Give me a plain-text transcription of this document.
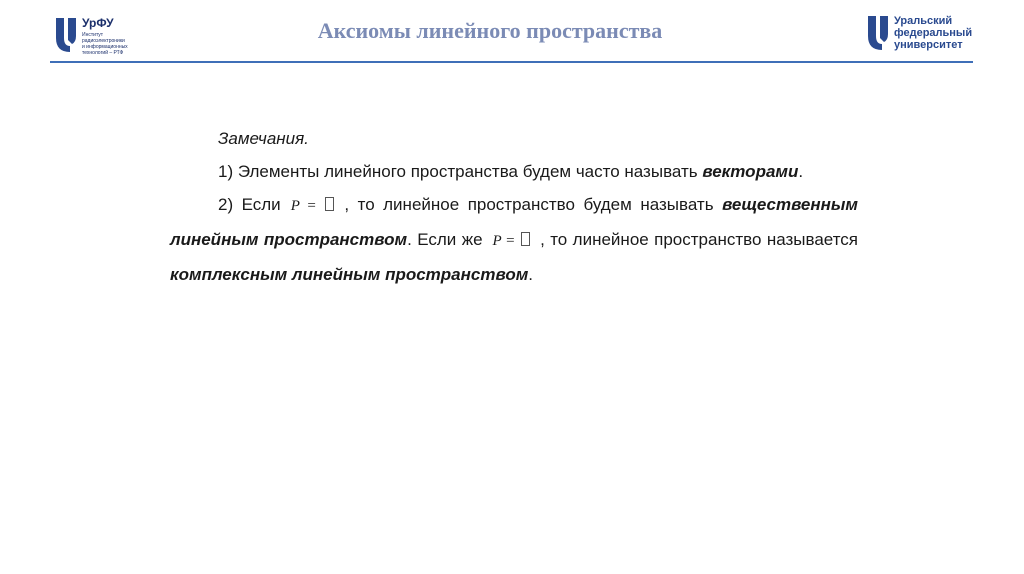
УрФУ
Институт
радиоэлектроники
и информационных
технологий – РТФ
Аксиомы линейного пространства	Уральский
федеральный
университет

Замечания.

1) Элементы линейного пространства будем часто называть векторами.

2) Если P = , то линейное пространство будем называть вещественным линейным пространством. Если же P = , то линейное пространство называется комплексным линейным пространством.
